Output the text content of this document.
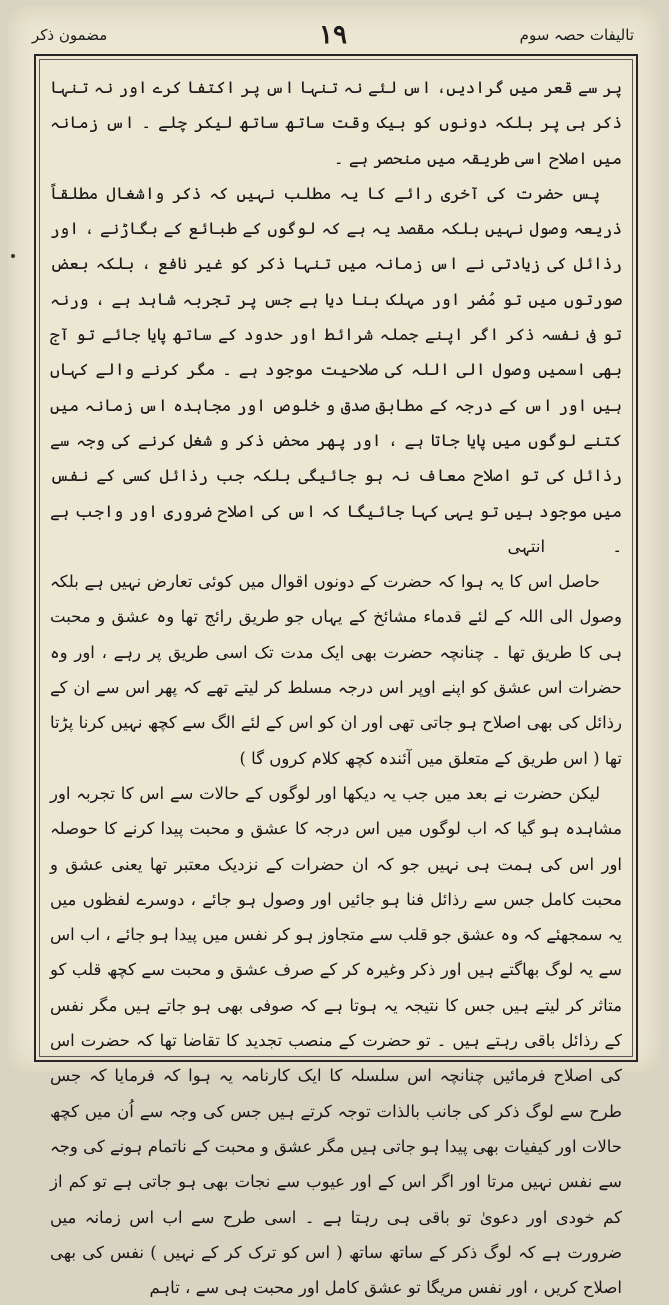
تالیفات حصہ سوم
۱۹
مضمون ذکر

پر سے قعر میں گرادیں، اس لئے نہ تنہا اس پر اکتفا کرے اور نہ تنہا ذکر ہی پر بلکہ دونوں کو بیک وقت ساتھ ساتھ لیکر چلے ۔ اس زمانہ میں اصلاح اسی طریقہ میں منحصر ہے ۔

پس حضرت کی آخری رائے کا یہ مطلب نہیں کہ ذکر واشغال مطلقاً ذریعہ وصول نہیں بلکہ مقصد یہ ہے کہ لوگوں کے طبائع کے بگاڑنے ، اور رذائل کی زیادتی نے اس زمانہ میں تنہا ذکر کو غیر نافع ، بلکہ بعض صورتوں میں تو مُضر اور مہلک بنا دیا ہے جس پر تجربہ شاہد ہے ، ورنہ تو فی نفسہ ذکر اگر اپنے جملہ شرائط اور حدود کے ساتھ پایا جائے تو آج بھی اسمیں وصول الی اللہ کی صلاحیت موجود ہے ۔ مگر کرنے والے کہاں ہیں اور اس کے درجہ کے مطابق صدق و خلوص اور مجاہدہ اس زمانہ میں کتنے لوگوں میں پایا جاتا ہے ، اور پھر محض ذکر و شغل کرنے کی وجہ سے رذائل کی تو اصلاح معاف نہ ہو جائیگی بلکہ جب رذائل کسی کے نفس میں موجود ہیں تو یہی کہا جائیگا کہ اس کی اصلاح ضروری اور واجب ہے ۔ انتہی

حاصل اس کا یہ ہوا کہ حضرت کے دونوں اقوال میں کوئی تعارض نہیں ہے بلکہ وصول الی اللہ کے لئے قدماء مشائخ کے یہاں جو طریق رائج تھا وہ عشق و محبت ہی کا طریق تھا ۔ چنانچہ حضرت بھی ایک مدت تک اسی طریق پر رہے ، اور وہ حضرات اس عشق کو اپنے اوپر اس درجہ مسلط کر لیتے تھے کہ پھر اس سے ان کے رذائل کی بھی اصلاح ہو جاتی تھی اور ان کو اس کے لئے الگ سے کچھ نہیں کرنا پڑتا تھا ( اس طریق کے متعلق میں آئندہ کچھ کلام کروں گا )

لیکن حضرت نے بعد میں جب یہ دیکھا اور لوگوں کے حالات سے اس کا تجربہ اور مشاہدہ ہو گیا کہ اب لوگوں میں اس درجہ کا عشق و محبت پیدا کرنے کا حوصلہ اور اس کی ہمت ہی نہیں جو کہ ان حضرات کے نزدیک معتبر تھا یعنی عشق و محبت کامل جس سے رذائل فنا ہو جائیں اور وصول ہو جائے ، دوسرے لفظوں میں یہ سمجھئے کہ وہ عشق جو قلب سے متجاوز ہو کر نفس میں پیدا ہو جائے ، اب اس سے یہ لوگ بھاگتے ہیں اور ذکر وغیرہ کر کے صرف عشق و محبت سے کچھ قلب کو متاثر کر لیتے ہیں جس کا نتیجہ یہ ہوتا ہے کہ صوفی بھی ہو جاتے ہیں مگر نفس کے رذائل باقی رہتے ہیں ۔ تو حضرت کے منصب تجدید کا تقاضا تھا کہ حضرت اس کی اصلاح فرمائیں چنانچہ اس سلسلہ کا ایک کارنامہ یہ ہوا کہ فرمایا کہ جس طرح سے لوگ ذکر کی جانب بالذات توجہ کرتے ہیں جس کی وجہ سے اُن میں کچھ حالات اور کیفیات بھی پیدا ہو جاتی ہیں مگر عشق و محبت کے ناتمام ہونے کی وجہ سے نفس نہیں مرتا اور اگر اس کے اور عیوب سے نجات بھی ہو جاتی ہے تو کم از کم خودی اور دعویٰ تو باقی ہی رہتا ہے ۔ اسی طرح سے اب اس زمانہ میں ضرورت ہے کہ لوگ ذکر کے ساتھ ساتھ ( اس کو ترک کر کے نہیں ) نفس کی بھی اصلاح کریں ، اور نفس مریگا تو عشق کامل اور محبت ہی سے ، تاہم
